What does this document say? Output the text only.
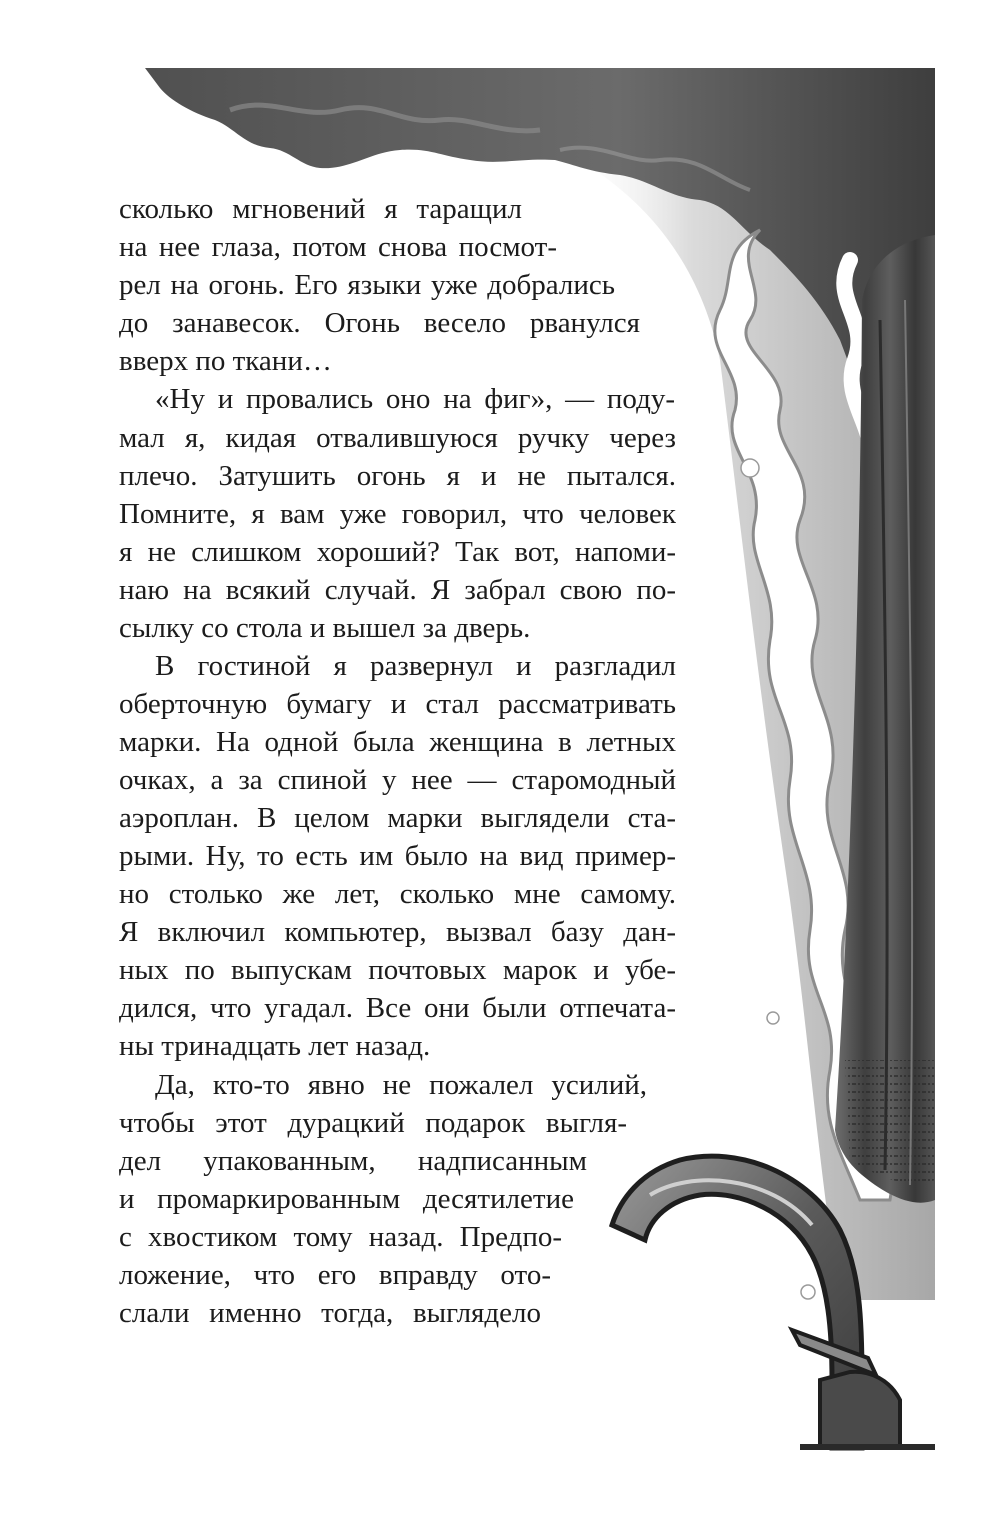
сколько мгновений я таращил
на нее глаза, потом снова посмот-
рел на огонь. Его языки уже добрались
до занавесок. Огонь весело рванулся
вверх по ткани…
«Ну и провались оно на фиг», — поду-
мал я, кидая отвалившуюся ручку через
плечо. Затушить огонь я и не пытался.
Помните, я вам уже говорил, что человек
я не слишком хороший? Так вот, напоми-
наю на всякий случай. Я забрал свою по-
сылку со стола и вышел за дверь.
В гостиной я развернул и разгладил
оберточную бумагу и стал рассматривать
марки. На одной была женщина в летных
очках, а за спиной у нее — старомодный
аэроплан. В целом марки выглядели ста-
рыми. Ну, то есть им было на вид пример-
но столько же лет, сколько мне самому.
Я включил компьютер, вызвал базу дан-
ных по выпускам почтовых марок и убе-
дился, что угадал. Все они были отпечата-
ны тринадцать лет назад.
Да, кто-то явно не пожалел усилий,
чтобы этот дурацкий подарок выгля-
дел упакованным, надписанным
и промаркированным десятилетие
с хвостиком тому назад. Предпо-
ложение, что его вправду ото-
слали именно тогда, выглядело
